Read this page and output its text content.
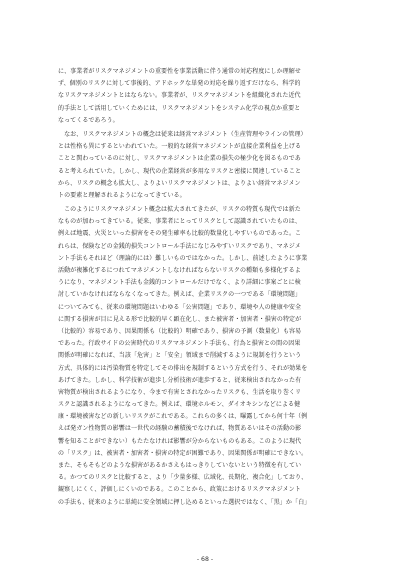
に、事業者がリスクマネジメントの重要性を事業活動に伴う通常の対応程度にしか理解せ
ず、個別のリスクに対して事後的、アドホックな単発の対応を繰り返すだけなら、科学的
なリスクマネジメントとはならない。事業者が、リスクマネジメントを組織化された近代
的手法として活用していくためには、リスクマネジメントをシステム化学の視点か重要と
なってくるであろう。

　なお、リスクマネジメントの概念は従来は経営マネジメント（生産管理やラインの管理）
とは性格も異にするといわれていた。一般的な経営マネジメントが直接企業利益を上げる
ことと関わっているのに対し、リスクマネジメントは企業の損失の極少化を図るものであ
ると考えられていた。しかし、現代の企業経営が多用なリスクと密接に関連していること
から、リスクの概念も拡大し、よりよいリスクマネジメントは、よりよい経営マネジメン
トの要素と理解されるようになってきている。

　このようにリスクマネジメント概念は拡大されてきたが、リスクの特質も現代では新た
なものが加わってきている。従来、事業者にとってリスクとして認識されていたものは、
例えば地震、火災といった損害をその発生確率も比較的数量化しやすいものであった。こ
れらは、保険などの金銭的損失コントロール手法になじみやすいリスクであり、マネジメ
ント手法もそれほど（理論的には）難しいものではなかった。しかし、前述したように事業
活動が複雑化するにつれてマネジメントしなければならないリスクの種類も多様化するよ
うになり、マネジメント手法も金銭的コントロールだけでなく、より詳細に事案ごとに検
討していかなければならなくなってきた。例えば、企業リスクの一つである「環境問題」
についてみても、従来の環境問題はいわゆる「公害問題」であり、環境や人の健康や安全
に関する損害が目に見える形で比較的早く顕在化し、また被害者・加害者・損害の特定が
（比較的）容易であり、因果関係も（比較的）明確であり、損害の予測（数量化）も容易
であった。行政サイドの公害時代のリスクマネジメント手法も、行為と損害との間の因果
関係が明確になれば、当該「危害」と「安全」領域まで削減するように規制を行うという
方式、具体的には汚染物質を特定してその排出を規制するという方式を行う、それが効果を
あげてきた。しかし、科学技術が進歩し分析技術が進歩すると、従来検出されなかった有
害物質が検出されるようになり、今まで有害とされなかったリスクも、生活を取り巻くリ
スクと認識されるようになってきた。例えば、環境ホルモン、ダイオキシンなどによる健
康・環境被害などの新しいリスクがこれである。これらの多くは、曝露してから何十年（例
えば発ガン性物質の影響は一世代の経験の蓄積後でなければ、物質あるいはその活動の影
響を知ることができない）もたたなければ影響が分からないものもある。このように現代
の「リスク」は、被害者・加害者・損害の特定が困難であり、因果関係が明確にできない。
また、そもそもどのような損害があるかさえもはっきりしていないという特徴を有してい
る。かつてのリスクと比較すると、より「少量多様、広域化、長期化、複合化」しており、
観察しにくく、評価しにくいのである。このことから、政策におけるリスクマネジメント
の手法も、従来のように単純に安全領域に押し込めるといった選択ではなく、「黒」か「白」

- 68 -
